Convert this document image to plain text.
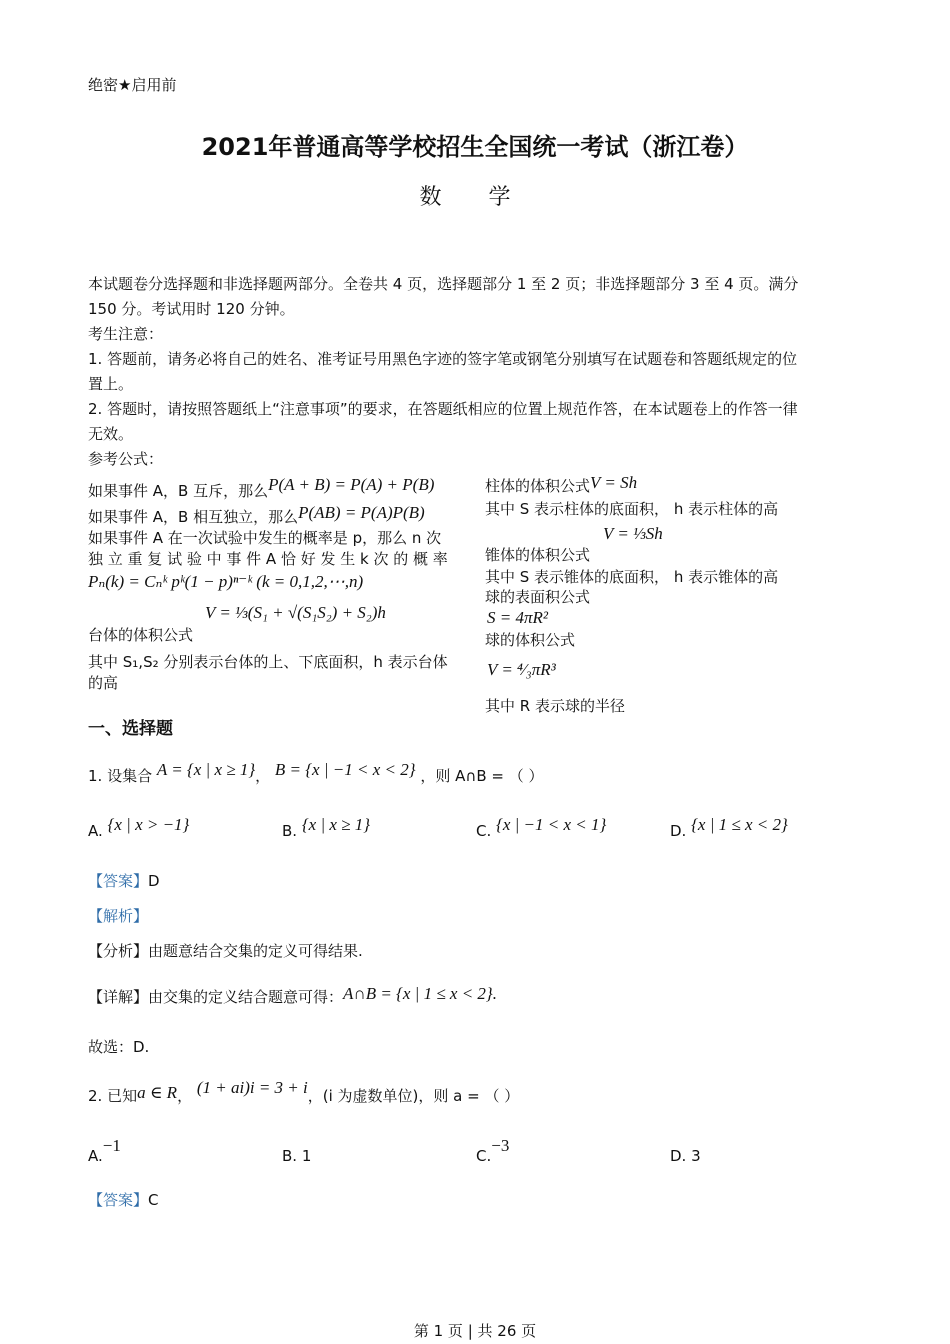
绝密★启用前
2021年普通高等学校招生全国统一考试（浙江卷）
数 学
本试题卷分选择题和非选择题两部分。全卷共 4 页，选择题部分 1 至 2 页；非选择题部分 3 至 4 页。满分
150 分。考试用时 120 分钟。
考生注意：
1. 答题前，请务必将自己的姓名、准考证号用黑色字迹的签字笔或钢笔分别填写在试题卷和答题纸规定的位
置上。
2. 答题时，请按照答题纸上“注意事项”的要求，在答题纸相应的位置上规范作答，在本试题卷上的作答一律
无效。
参考公式：
如果事件 A，B 互斥，那么P(A + B) = P(A) + P(B)
如果事件 A，B 相互独立，那么P(AB) = P(A)P(B)
如果事件 A 在一次试验中发生的概率是 p，那么 n 次
独 立 重 复 试 验 中 事 件 A 恰 好 发 生 k 次 的 概 率
Pₙ(k) = Cₙᵏ pᵏ(1 − p)ⁿ⁻ᵏ (k = 0,1,2,⋯,n)
V = ⅓(S₁ + √(S₁S₂) + S₂)h
台体的体积公式
其中 S₁,S₂ 分别表示台体的上、下底面积，h 表示台体
的高
柱体的体积公式V = Sh
其中 S 表示柱体的底面积， h 表示柱体的高
V = ⅓Sh
锥体的体积公式
其中 S 表示锥体的底面积， h 表示锥体的高
球的表面积公式
S = 4πR²
球的体积公式
V = ⁴⁄₃πR³
其中 R 表示球的半径
一、选择题
1. 设集合 A = {x | x ≥ 1}， B = {x | −1 < x < 2} ，则 A∩B = （ ）
A. {x | x > −1}	B. {x | x ≥ 1}	C. {x | −1 < x < 1}	D. {x | 1 ≤ x < 2}
【答案】D
【解析】
【分析】由题意结合交集的定义可得结果.
【详解】由交集的定义结合题意可得：A∩B = {x | 1 ≤ x < 2}.
故选：D.
2. 已知a ∈ R， (1 + ai)i = 3 + i，(i 为虚数单位)，则 a = （ ）
A.−1
B. 1	C.−3
D. 3
【答案】C
第 1 页 | 共 26 页
